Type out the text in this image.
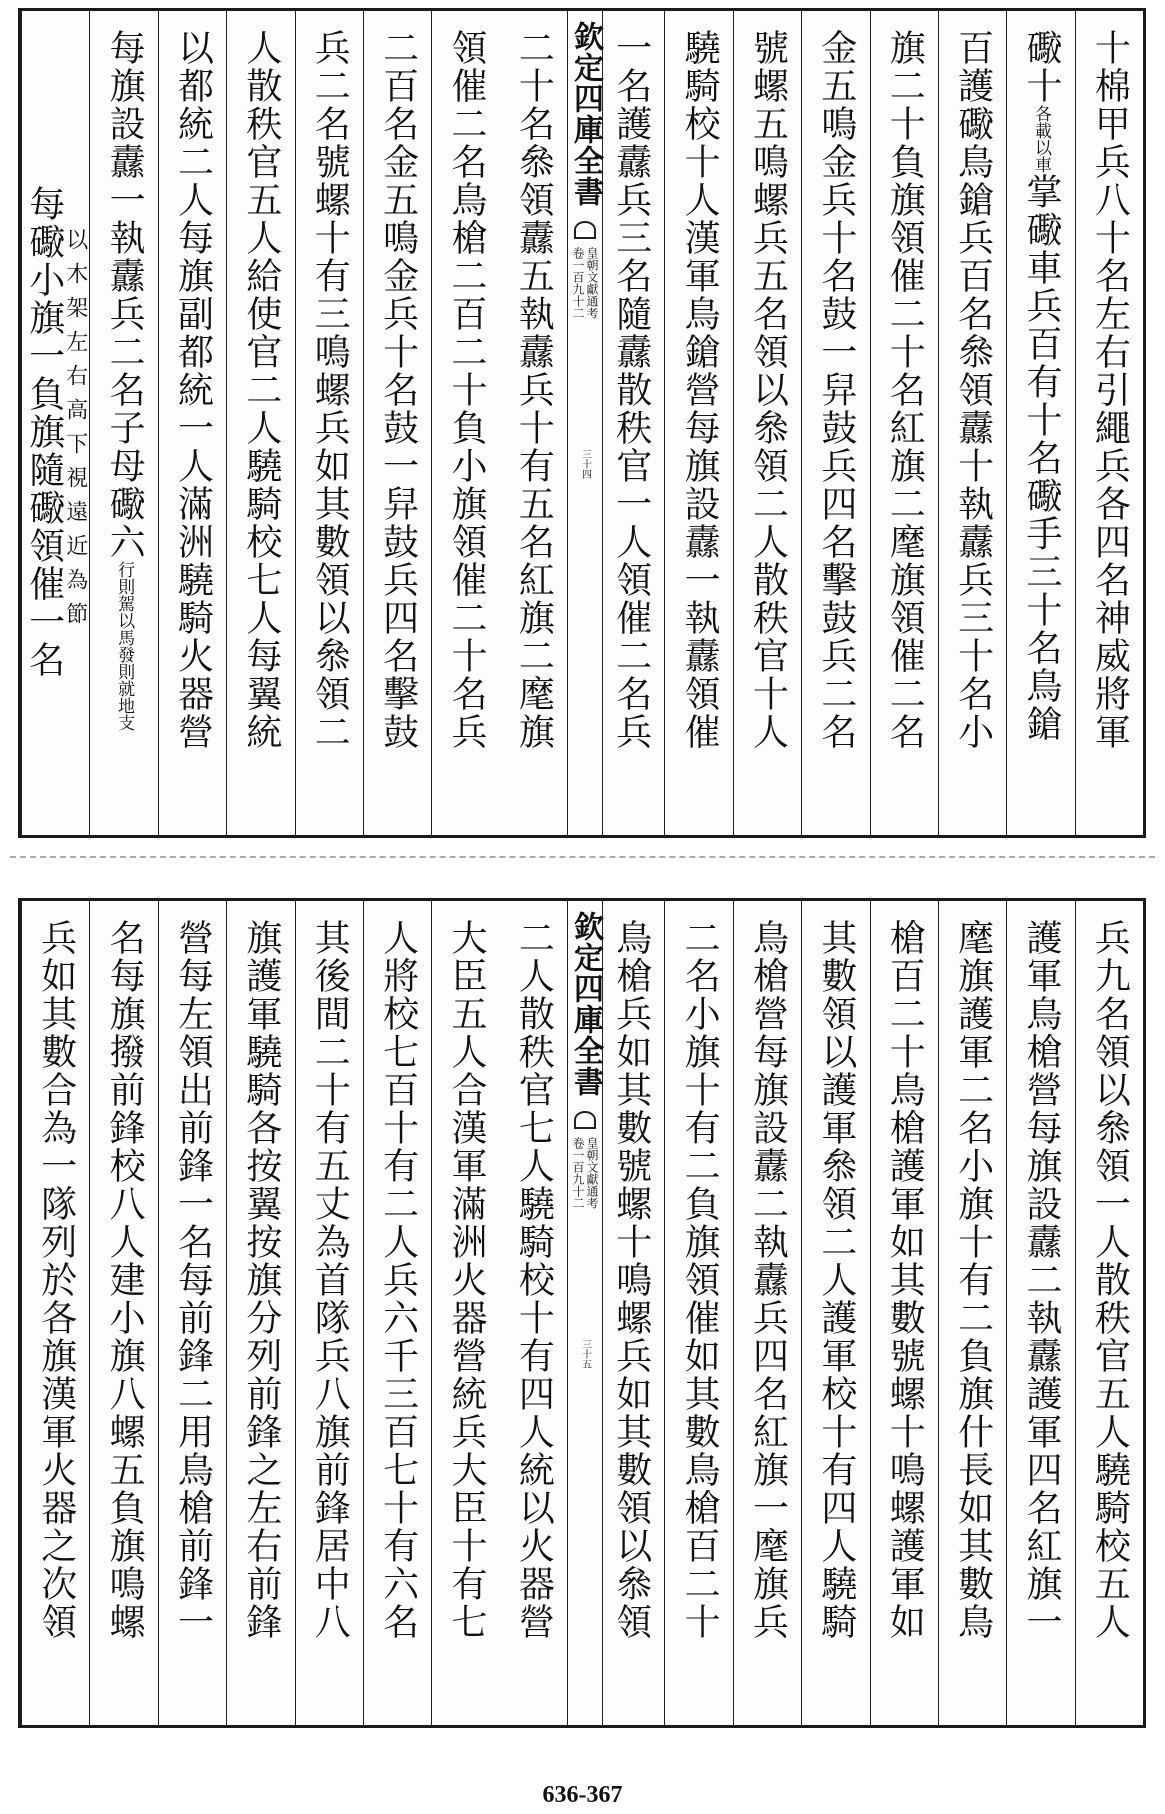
十棉甲兵八十名左右引繩兵各四名神威將軍
礮十各載以車掌礮車兵百有十名礮手三十名鳥鎗
百護礮鳥鎗兵百名叅領纛十執纛兵三十名小
旗二十負旗領催二十名紅旗二麾旗領催二名
金五鳴金兵十名鼓一舁鼓兵四名擊鼓兵二名
號螺五鳴螺兵五名領以叅領二人散秩官十人
驍騎校十人漢軍鳥鎗營每旗設纛一執纛領催
一名護纛兵三名隨纛散秩官一人領催二名兵
欽定四庫全書
皇朝文獻通考
卷一百九十二
三十四
二十名叅領纛五執纛兵十有五名紅旗二麾旗
領催二名鳥槍二百二十負小旗領催二十名兵
二百名金五鳴金兵十名鼓一舁鼓兵四名擊鼓
兵二名號螺十有三鳴螺兵如其數領以叅領二
人散秩官五人給使官二人驍騎校七人每翼統
以都統二人每旗副都統一人滿洲驍騎火器營
每旗設纛一執纛兵二名子母礮六行則駕以馬發則就地支
以木架左右高下視遠近為節
每礮小旗一負旗隨礮領催一名
兵九名領以叅領一人散秩官五人驍騎校五人
護軍鳥槍營每旗設纛二執纛護軍四名紅旗一
麾旗護軍二名小旗十有二負旗什長如其數鳥
槍百二十鳥槍護軍如其數號螺十鳴螺護軍如
其數領以護軍叅領二人護軍校十有四人驍騎
鳥槍營每旗設纛二執纛兵四名紅旗一麾旗兵
二名小旗十有二負旗領催如其數鳥槍百二十
鳥槍兵如其數號螺十鳴螺兵如其數領以叅領
欽定四庫全書
皇朝文獻通考
卷一百九十二
三十五
二人散秩官七人驍騎校十有四人統以火器營
大臣五人合漢軍滿洲火器營統兵大臣十有七
人將校七百十有二人兵六千三百七十有六名
其後間二十有五丈為首隊兵八旗前鋒居中八
旗護軍驍騎各按翼按旗分列前鋒之左右前鋒
營每左領出前鋒一名每前鋒二用鳥槍前鋒一
名每旗撥前鋒校八人建小旗八螺五負旗鳴螺
兵如其數合為一隊列於各旗漢軍火器之次領
636-367
